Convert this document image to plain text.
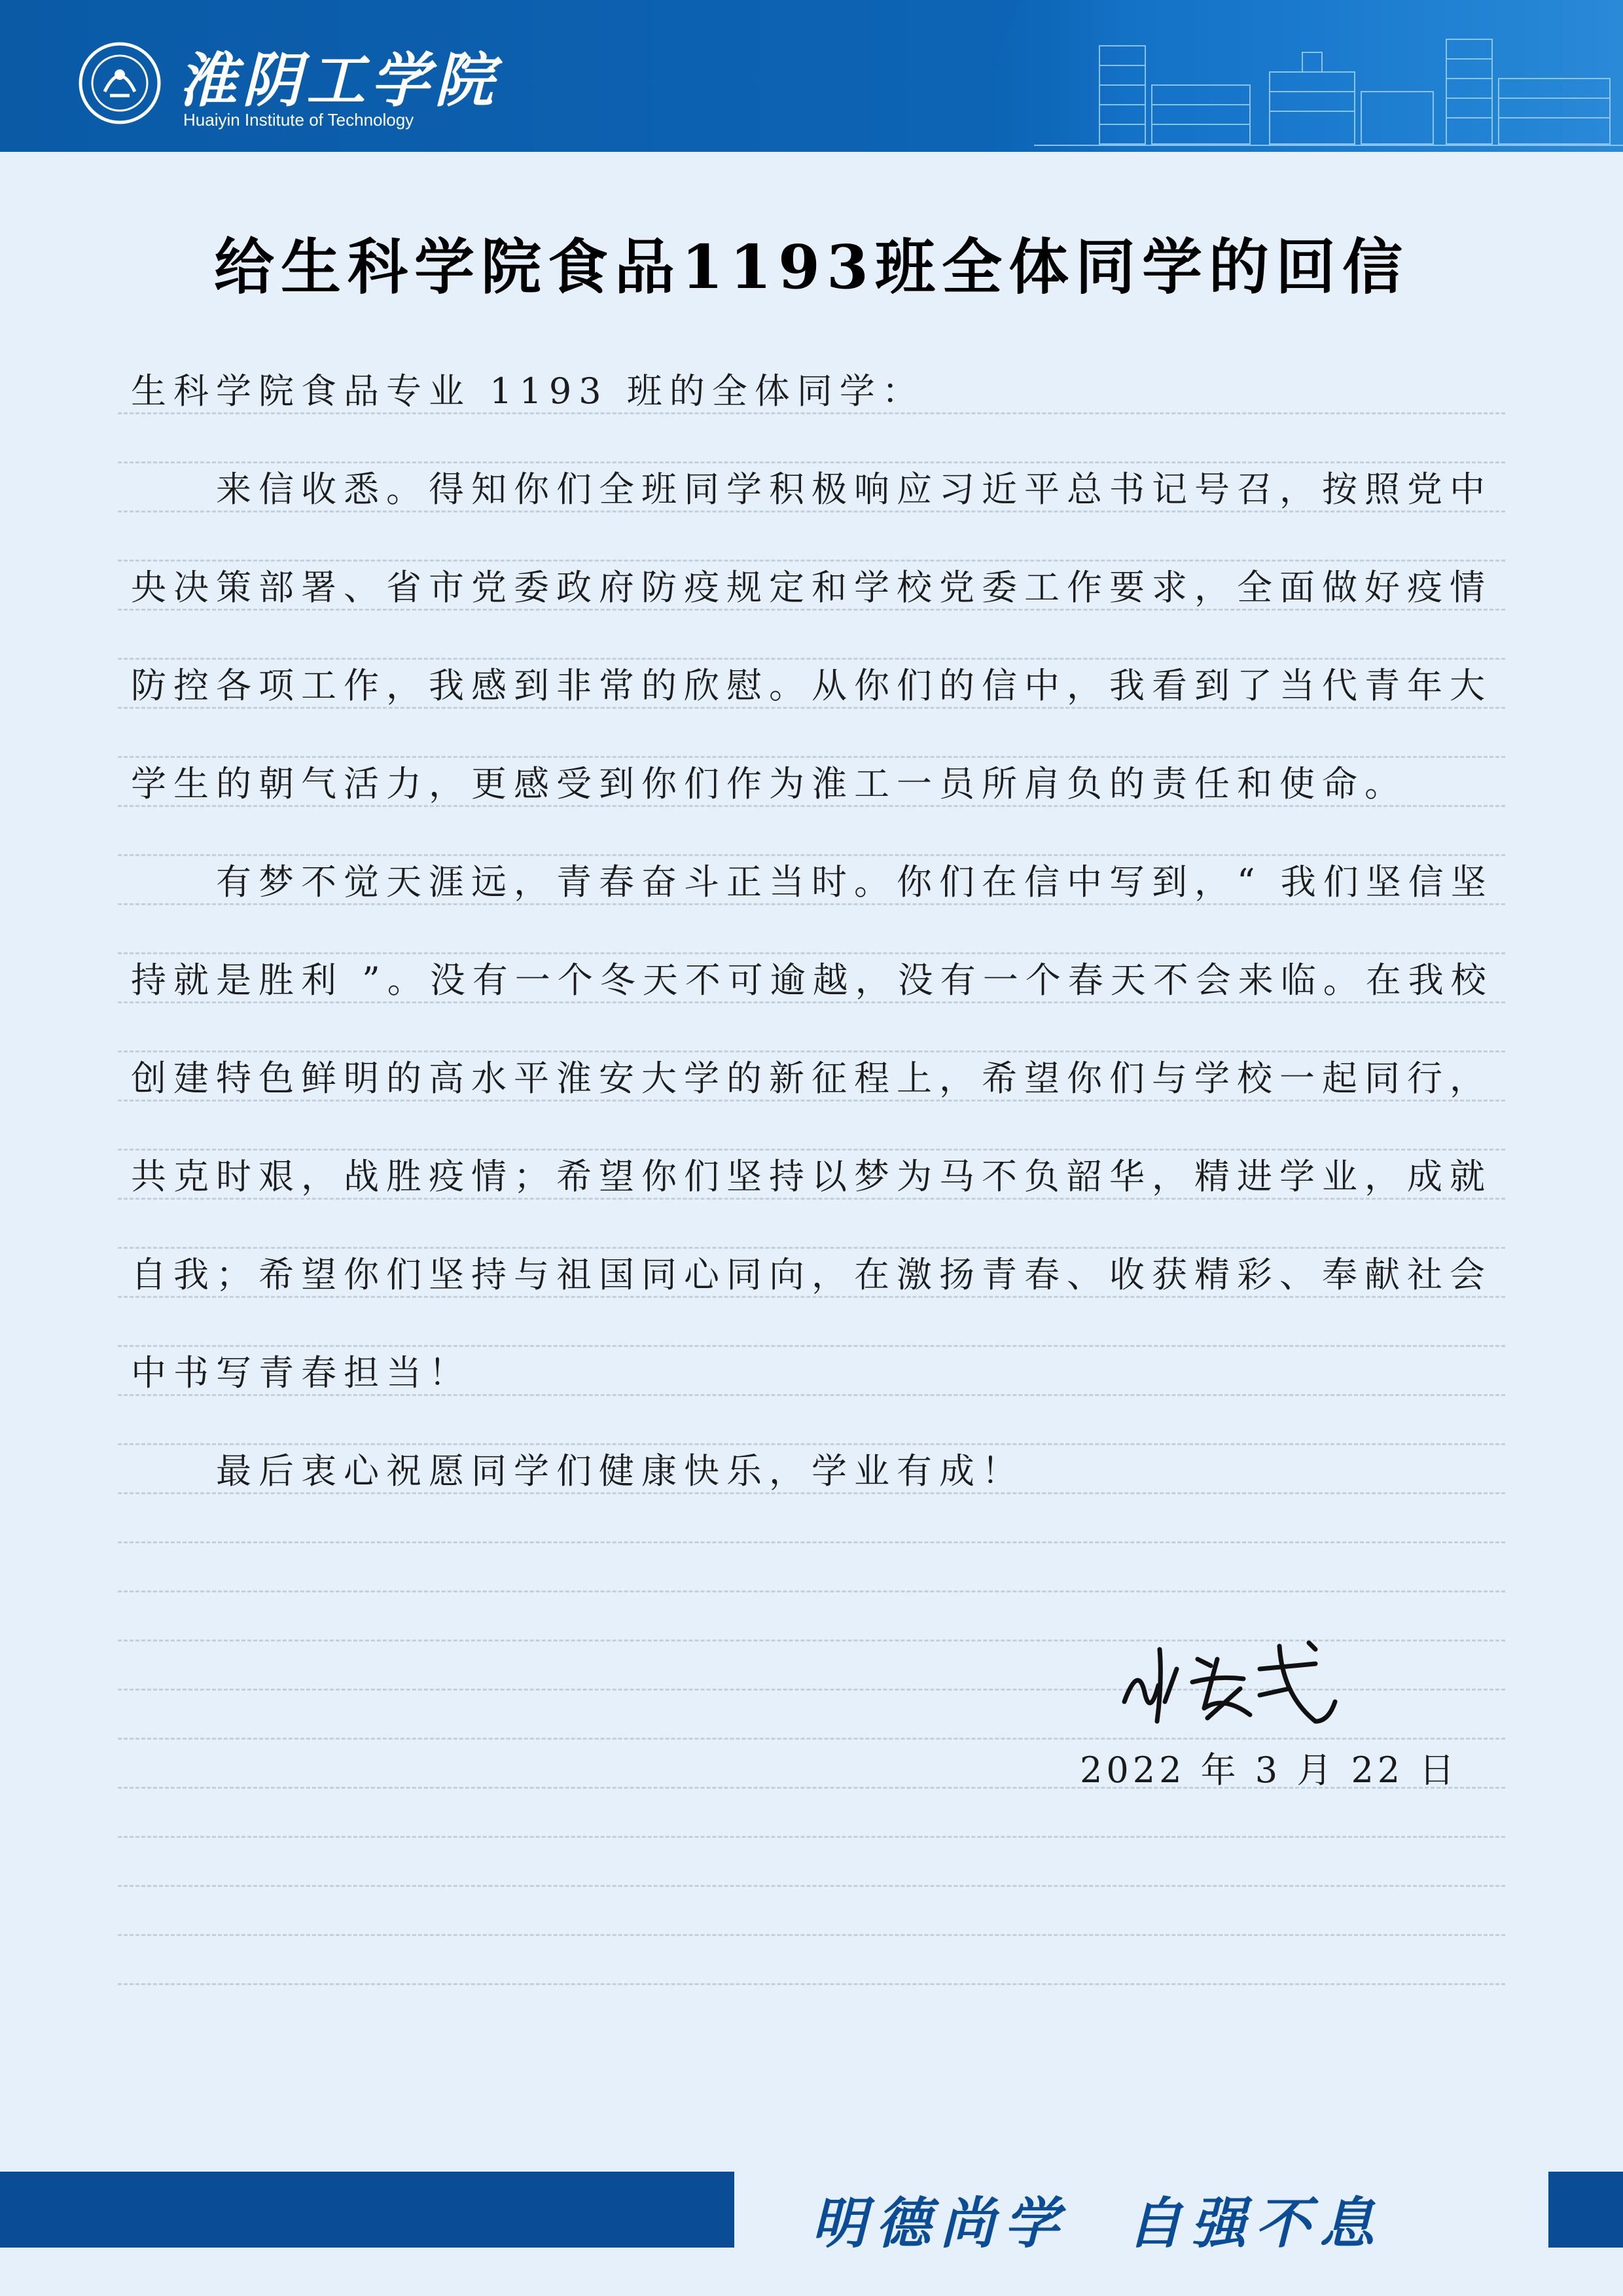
淮阴工学院
Huaiyin Institute of Technology
给生科学院食品1193班全体同学的回信
生科学院食品专业 1193 班的全体同学：
　　来信收悉。得知你们全班同学积极响应习近平总书记号召，按照党中
央决策部署、省市党委政府防疫规定和学校党委工作要求，全面做好疫情
防控各项工作，我感到非常的欣慰。从你们的信中，我看到了当代青年大
学生的朝气活力，更感受到你们作为淮工一员所肩负的责任和使命。
　　有梦不觉天涯远，青春奋斗正当时。你们在信中写到，“ 我们坚信坚
持就是胜利 ”。没有一个冬天不可逾越，没有一个春天不会来临。在我校
创建特色鲜明的高水平淮安大学的新征程上，希望你们与学校一起同行，
共克时艰，战胜疫情；希望你们坚持以梦为马不负韶华，精进学业，成就
自我；希望你们坚持与祖国同心同向，在激扬青春、收获精彩、奉献社会
中书写青春担当！
　　最后衷心祝愿同学们健康快乐，学业有成！
2022 年 3 月 22 日
明德尚学 自强不息
